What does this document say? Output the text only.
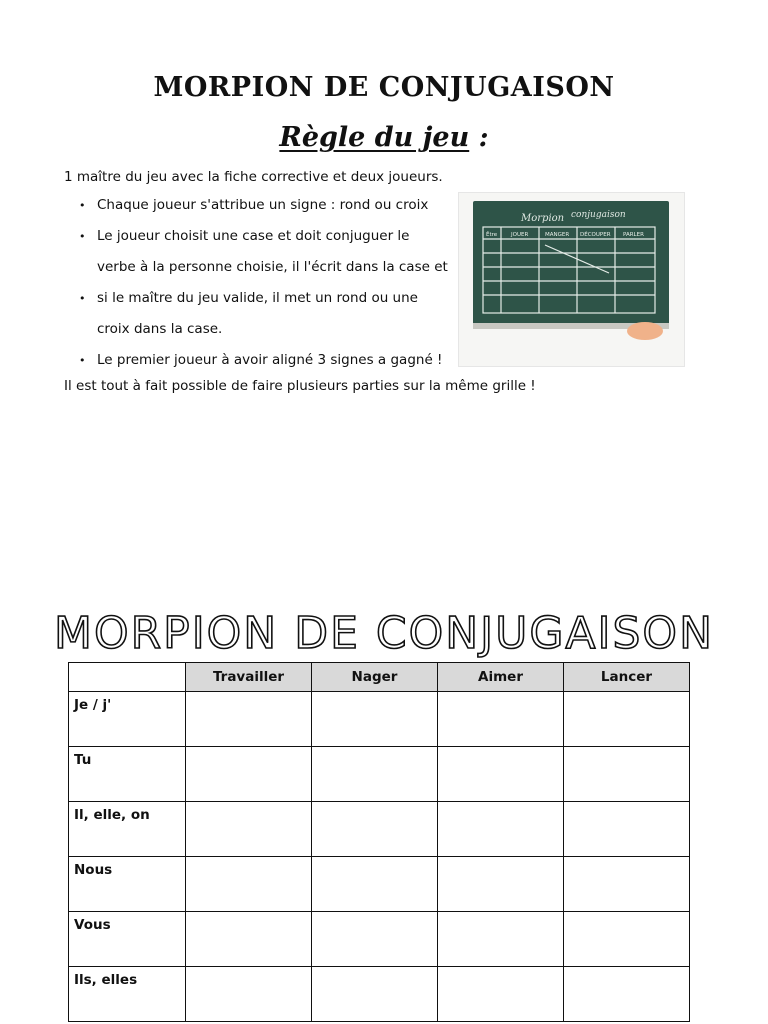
MORPION DE CONJUGAISON
Règle du jeu :

1 maître du jeu avec la fiche corrective et deux joueurs.

• Chaque joueur s'attribue un signe : rond ou croix
• Le joueur choisit une case et doit conjuguer le verbe à la personne choisie, il l'écrit dans la case et
• si le maître du jeu valide, il met un rond ou une croix dans la case.
• Le premier joueur à avoir aligné 3 signes a gagné !

Il est tout à fait possible de faire plusieurs parties sur la même grille !

Morpion conjugaison
Être	JOUER	MANGER DÉCOUPER PARLER
MORPION DE CONJUGAISON
	Travailler	Nager	Aimer	Lancer
Je / j'				
Tu				
Il, elle, on				
Nous				
Vous				
Ils, elles				
